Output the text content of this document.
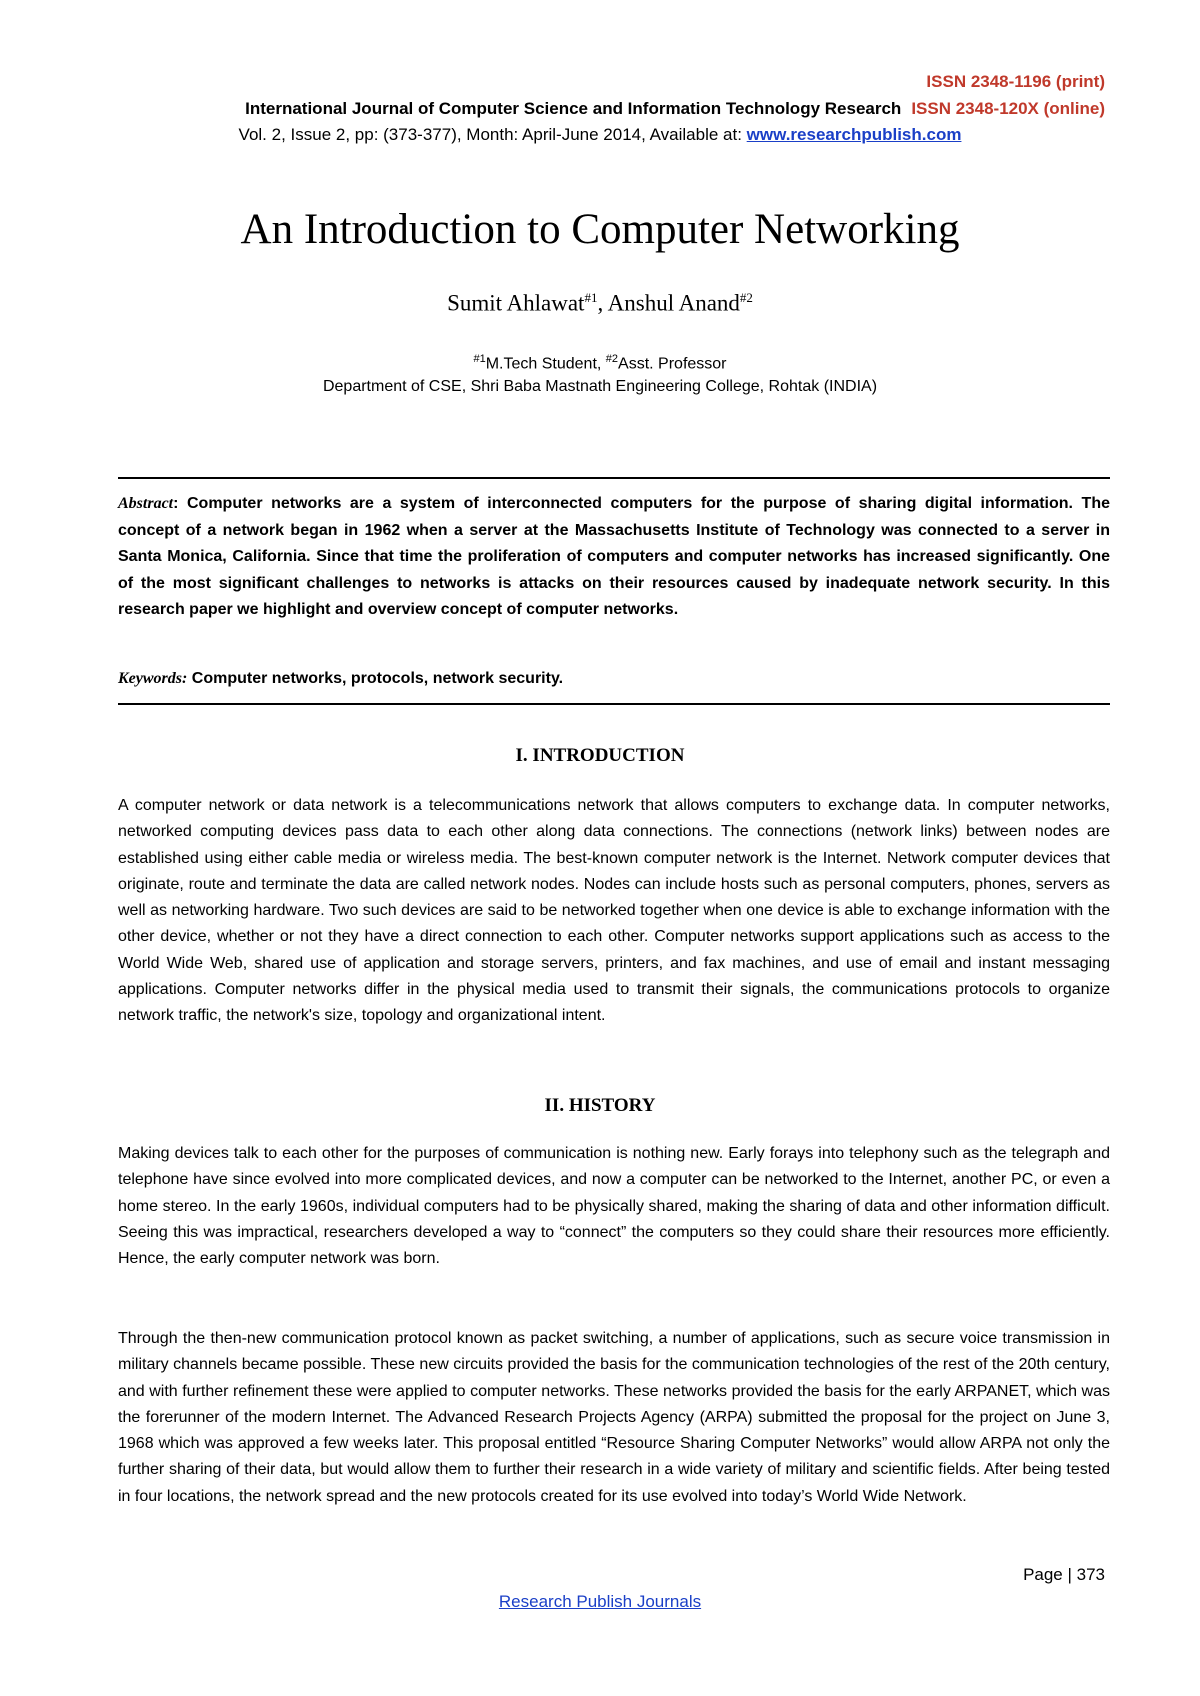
ISSN 2348-1196 (print)
International Journal of Computer Science and Information Technology Research ISSN 2348-120X (online)
Vol. 2, Issue 2, pp: (373-377), Month: April-June 2014, Available at: www.researchpublish.com
An Introduction to Computer Networking
Sumit Ahlawat$^{\#1}$, Anshul Anand$^{\#2}$
$^{\#1}$M.Tech Student, $^{\#2}$Asst. Professor
Department of CSE, Shri Baba Mastnath Engineering College, Rohtak (INDIA)

Abstract: Computer networks are a system of interconnected computers for the purpose of sharing digital information. The concept of a network began in 1962 when a server at the Massachusetts Institute of Technology was connected to a server in Santa Monica, California. Since that time the proliferation of computers and computer networks has increased significantly. One of the most significant challenges to networks is attacks on their resources caused by inadequate network security. In this research paper we highlight and overview concept of computer networks.

Keywords: Computer networks, protocols, network security.

I. INTRODUCTION

A computer network or data network is a telecommunications network that allows computers to exchange data. In computer networks, networked computing devices pass data to each other along data connections. The connections (network links) between nodes are established using either cable media or wireless media. The best-known computer network is the Internet. Network computer devices that originate, route and terminate the data are called network nodes. Nodes can include hosts such as personal computers, phones, servers as well as networking hardware. Two such devices are said to be networked together when one device is able to exchange information with the other device, whether or not they have a direct connection to each other. Computer networks support applications such as access to the World Wide Web, shared use of application and storage servers, printers, and fax machines, and use of email and instant messaging applications. Computer networks differ in the physical media used to transmit their signals, the communications protocols to organize network traffic, the network's size, topology and organizational intent.

II. HISTORY

Making devices talk to each other for the purposes of communication is nothing new. Early forays into telephony such as the telegraph and telephone have since evolved into more complicated devices, and now a computer can be networked to the Internet, another PC, or even a home stereo. In the early 1960s, individual computers had to be physically shared, making the sharing of data and other information difficult. Seeing this was impractical, researchers developed a way to “connect” the computers so they could share their resources more efficiently. Hence, the early computer network was born.

Through the then-new communication protocol known as packet switching, a number of applications, such as secure voice transmission in military channels became possible. These new circuits provided the basis for the communication technologies of the rest of the 20th century, and with further refinement these were applied to computer networks. These networks provided the basis for the early ARPANET, which was the forerunner of the modern Internet. The Advanced Research Projects Agency (ARPA) submitted the proposal for the project on June 3, 1968 which was approved a few weeks later. This proposal entitled “Resource Sharing Computer Networks” would allow ARPA not only the further sharing of their data, but would allow them to further their research in a wide variety of military and scientific fields. After being tested in four locations, the network spread and the new protocols created for its use evolved into today’s World Wide Network.

Page | 373
Research Publish Journals
